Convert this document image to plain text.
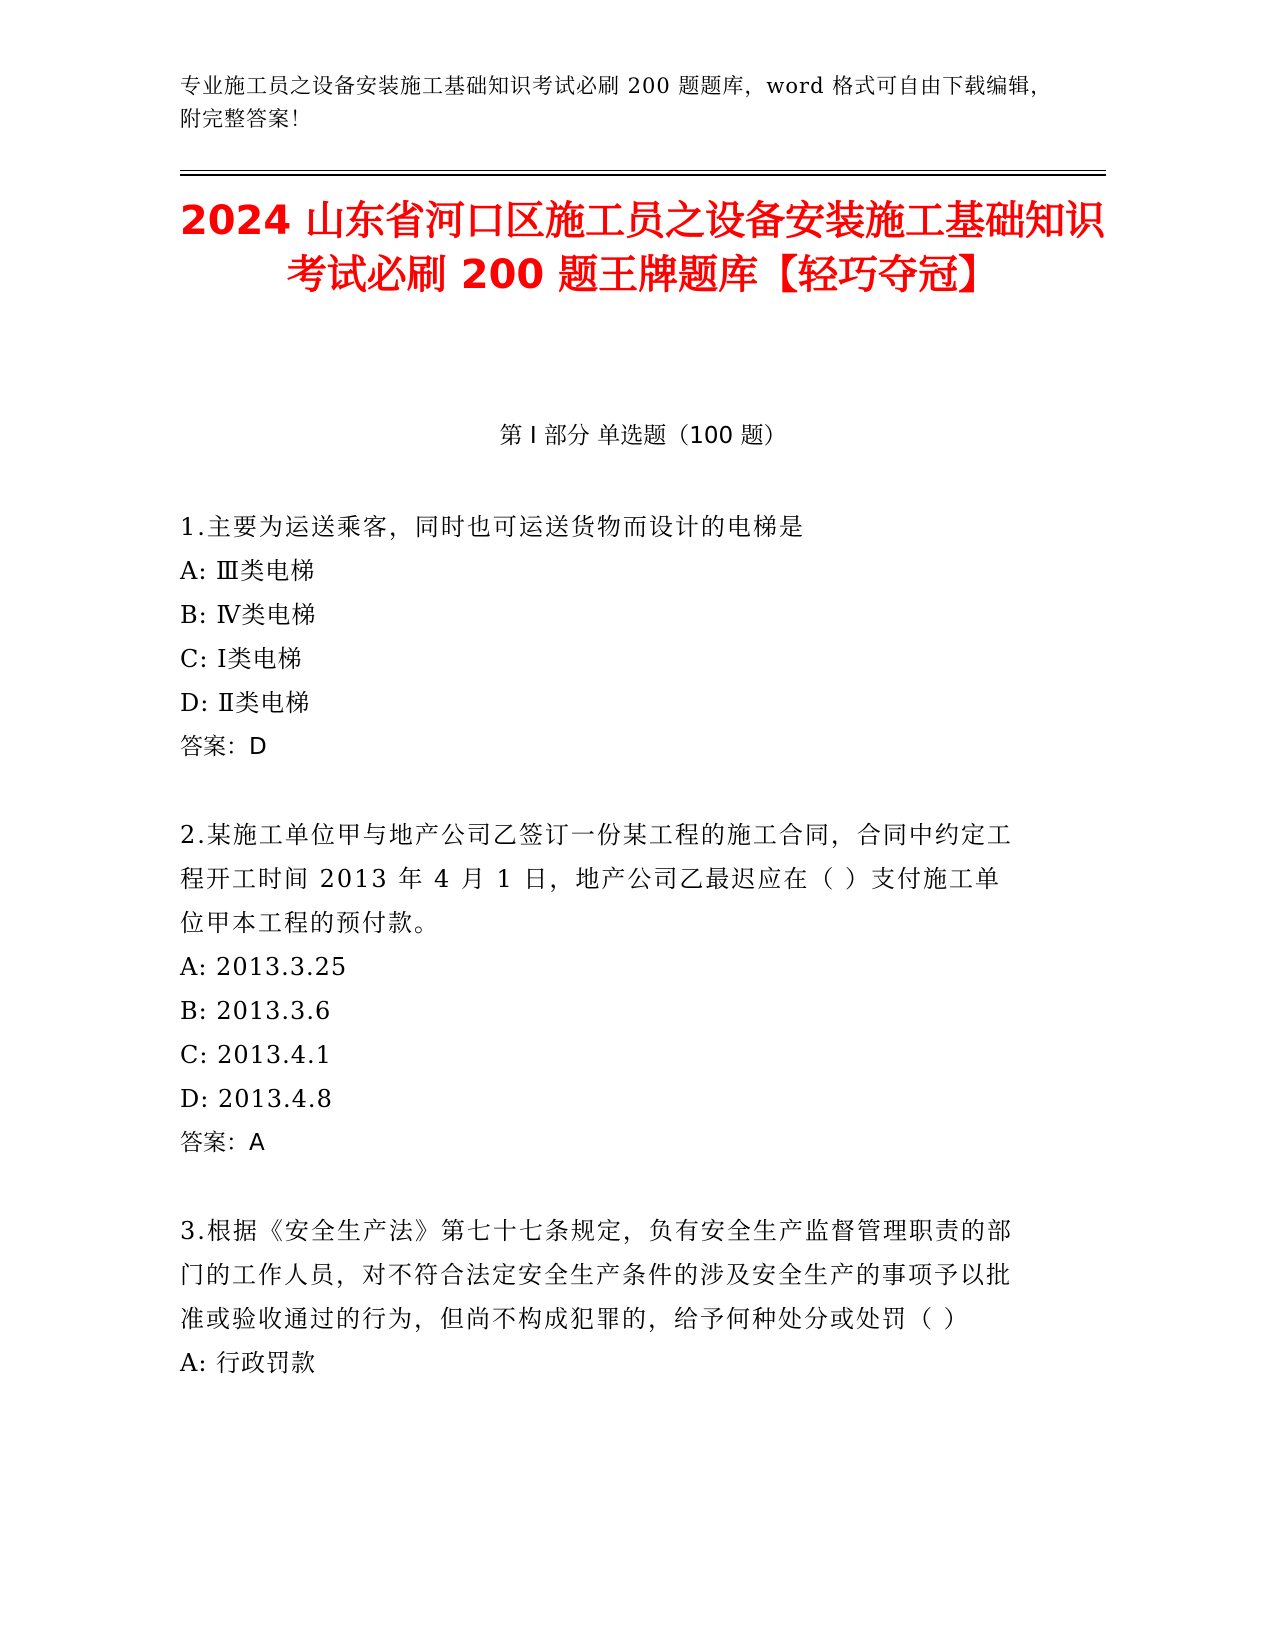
专业施工员之设备安装施工基础知识考试必刷 200 题题库，word 格式可自由下载编辑，附完整答案！
2024 山东省河口区施工员之设备安装施工基础知识考试必刷 200 题王牌题库【轻巧夺冠】
第 I 部分 单选题（100 题）
1.主要为运送乘客，同时也可运送货物而设计的电梯是
A: Ⅲ类电梯
B: Ⅳ类电梯
C: Ⅰ类电梯
D: Ⅱ类电梯
答案：D
2.某施工单位甲与地产公司乙签订一份某工程的施工合同，合同中约定工程开工时间 2013 年 4 月 1 日，地产公司乙最迟应在（ ）支付施工单位甲本工程的预付款。
A: 2013.3.25
B: 2013.3.6
C: 2013.4.1
D: 2013.4.8
答案：A
3.根据《安全生产法》第七十七条规定，负有安全生产监督管理职责的部门的工作人员，对不符合法定安全生产条件的涉及安全生产的事项予以批准或验收通过的行为，但尚不构成犯罪的，给予何种处分或处罚（ ）
A: 行政罚款
